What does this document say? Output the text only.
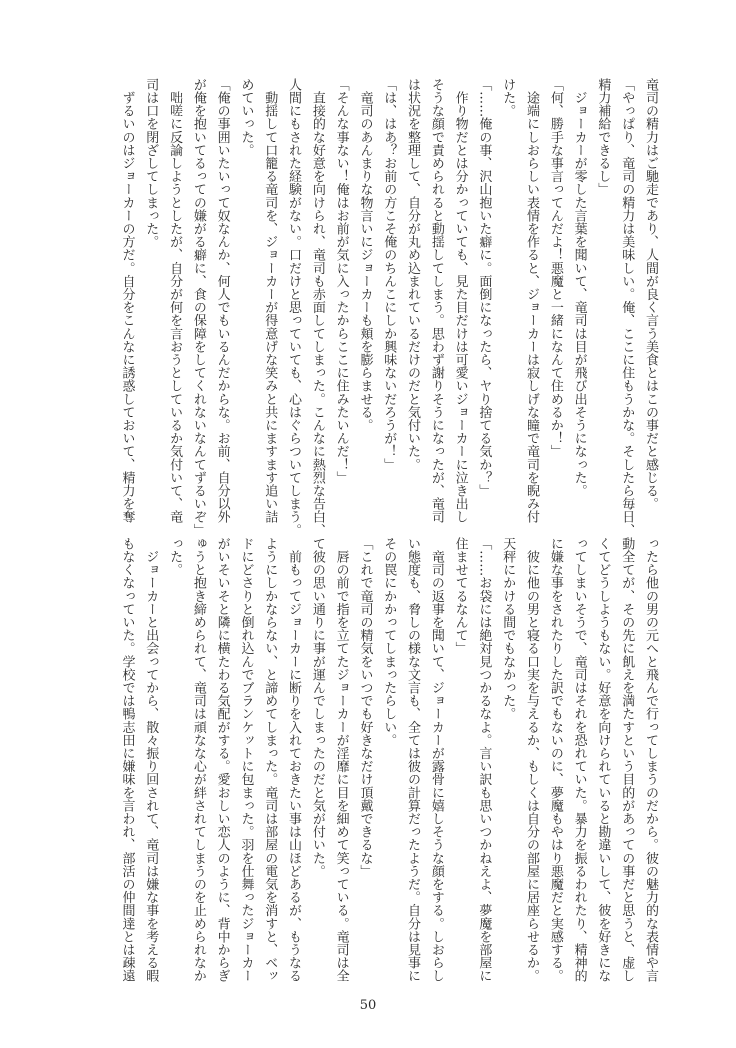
竜司の精力はご馳走であり、人間が良く言う美食とはこの事だと感じる。
「やっぱり、竜司の精力は美味しい。俺、ここに住もうかな。そしたら毎日、
精力補給できるし」
　ジョーカーが零した言葉を聞いて、竜司は目が飛び出そうになった。
「何、勝手な事言ってんだよ！悪魔と一緒になんて住めるか！」
　途端にしおらしい表情を作ると、ジョーカーは寂しげな瞳で竜司を睨み付
けた。
「……俺の事、沢山抱いた癖に。面倒になったら、ヤり捨てる気か？」
　作り物だとは分かっていても、見た目だけは可愛いジョーカーに泣き出し
そうな顔で責められると動揺してしまう。思わず謝りそうになったが、竜司
は状況を整理して、自分が丸め込まれているだけのだと気付いた。
「は、はあ？お前の方こそ俺のちんこにしか興味ないだろうが！」
　竜司のあんまりな物言いにジョーカーも頬を膨らませる。
「そんな事ない！俺はお前が気に入ったからここに住みたいんだ！」
　直接的な好意を向けられ、竜司も赤面してしまった。こんなに熱烈な告白、
人間にもされた経験がない。口だけと思っていても、心はぐらついてしまう。
　動揺して口籠る竜司を、ジョーカーが得意げな笑みと共にますます追い詰
めていった。
「俺の事囲いたいって奴なんか、何人でもいるんだからな。お前、自分以外
が俺を抱いてるっての嫌がる癖に、食の保障をしてくれないなんてずるいぞ」
　咄嗟に反論しようとしたが、自分が何を言おうとしているか気付いて、竜
司は口を閉ざしてしまった。
　ずるいのはジョーカーの方だ。自分をこんなに誘惑しておいて、精力を奪
ったら他の男の元へと飛んで行ってしまうのだから。彼の魅力的な表情や言
動全てが、その先に飢えを満たすという目的があっての事だと思うと、虚し
くてどうしようもない。好意を向けられていると勘違いして、彼を好きにな
ってしまいそうで、竜司はそれを恐れていた。暴力を振るわれたり、精神的
に嫌な事をされたりした訳でもないのに、夢魔もやはり悪魔だと実感する。
　彼に他の男と寝る口実を与えるか、もしくは自分の部屋に居座らせるか。
天秤にかける間でもなかった。
「……お袋には絶対見つかるなよ。言い訳も思いつかねえよ、夢魔を部屋に
住ませてるなんて」
　竜司の返事を聞いて、ジョーカーが露骨に嬉しそうな顔をする。しおらし
い態度も、脅しの様な文言も、全ては彼の計算だったようだ。自分は見事に
その罠にかかってしまったらしい。
「これで竜司の精気をいつでも好きなだけ頂戴できるな」
　唇の前で指を立てたジョーカーが淫靡に目を細めて笑っている。竜司は全
て彼の思い通りに事が運んでしまったのだと気が付いた。
　前もってジョーカーに断りを入れておきたい事は山ほどあるが、もうなる
ようにしかならない、と諦めてしまった。竜司は部屋の電気を消すと、ベッ
ドにどさりと倒れ込んでブランケットに包まった。羽を仕舞ったジョーカー
がいそいそと隣に横たわる気配がする。愛おしい恋人のように、背中からぎ
ゅうと抱き締められて、竜司は頑なな心が絆されてしまうのを止められなか
った。
　ジョーカーと出会ってから、散々振り回されて、竜司は嫌な事を考える暇
もなくなっていた。学校では鴨志田に嫌味を言われ、部活の仲間達とは疎遠
50
